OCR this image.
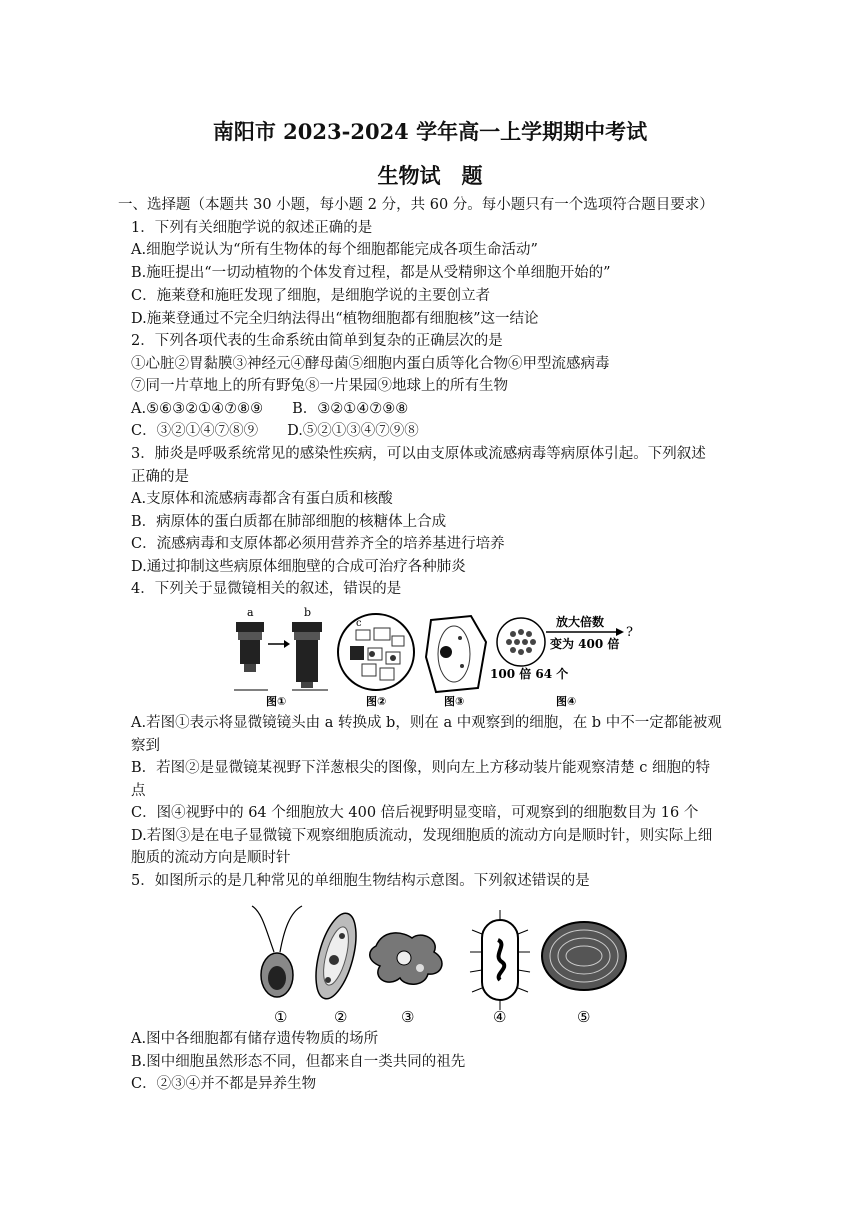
南阳市 2023-2024 学年高一上学期期中考试
生物试　题
一、选择题（本题共 30 小题，每小题 2 分，共 60 分。每小题只有一个选项符合题目要求）
1．下列有关细胞学说的叙述正确的是
A.细胞学说认为“所有生物体的每个细胞都能完成各项生命活动”
B.施旺提出“一切动植物的个体发育过程，都是从受精卵这个单细胞开始的”
C．施莱登和施旺发现了细胞，是细胞学说的主要创立者
D.施莱登通过不完全归纳法得出“植物细胞都有细胞核”这一结论
2．下列各项代表的生命系统由简单到复杂的正确层次的是
①心脏②胃黏膜③神经元④酵母菌⑤细胞内蛋白质等化合物⑥甲型流感病毒
⑦同一片草地上的所有野兔⑧一片果园⑨地球上的所有生物
A.⑤⑥③②①④⑦⑧⑨　　B．③②①④⑦⑨⑧
C．③②①④⑦⑧⑨　　D.⑤②①③④⑦⑨⑧
3．肺炎是呼吸系统常见的感染性疾病，可以由支原体或流感病毒等病原体引起。下列叙述
正确的是
A.支原体和流感病毒都含有蛋白质和核酸
B．病原体的蛋白质都在肺部细胞的核糖体上合成
C．流感病毒和支原体都必须用营养齐全的培养基进行培养
D.通过抑制这些病原体细胞壁的合成可治疗各种肺炎
4．下列关于显微镜相关的叙述，错误的是
a	b
图①
c
图②	图③
放大倍数
变为 400 倍
?
100 倍 64 个
图④
A.若图①表示将显微镜镜头由 a 转换成 b，则在 a 中观察到的细胞，在 b 中不一定都能被观
察到
B．若图②是显微镜某视野下洋葱根尖的图像，则向左上方移动装片能观察清楚 c 细胞的特
点
C．图④视野中的 64 个细胞放大 400 倍后视野明显变暗，可观察到的细胞数目为 16 个
D.若图③是在电子显微镜下观察细胞质流动，发现细胞质的流动方向是顺时针，则实际上细
胞质的流动方向是顺时针
5．如图所示的是几种常见的单细胞生物结构示意图。下列叙述错误的是
①	②	③	④	⑤
A.图中各细胞都有储存遗传物质的场所
B.图中细胞虽然形态不同，但都来自一类共同的祖先
C．②③④并不都是异养生物
